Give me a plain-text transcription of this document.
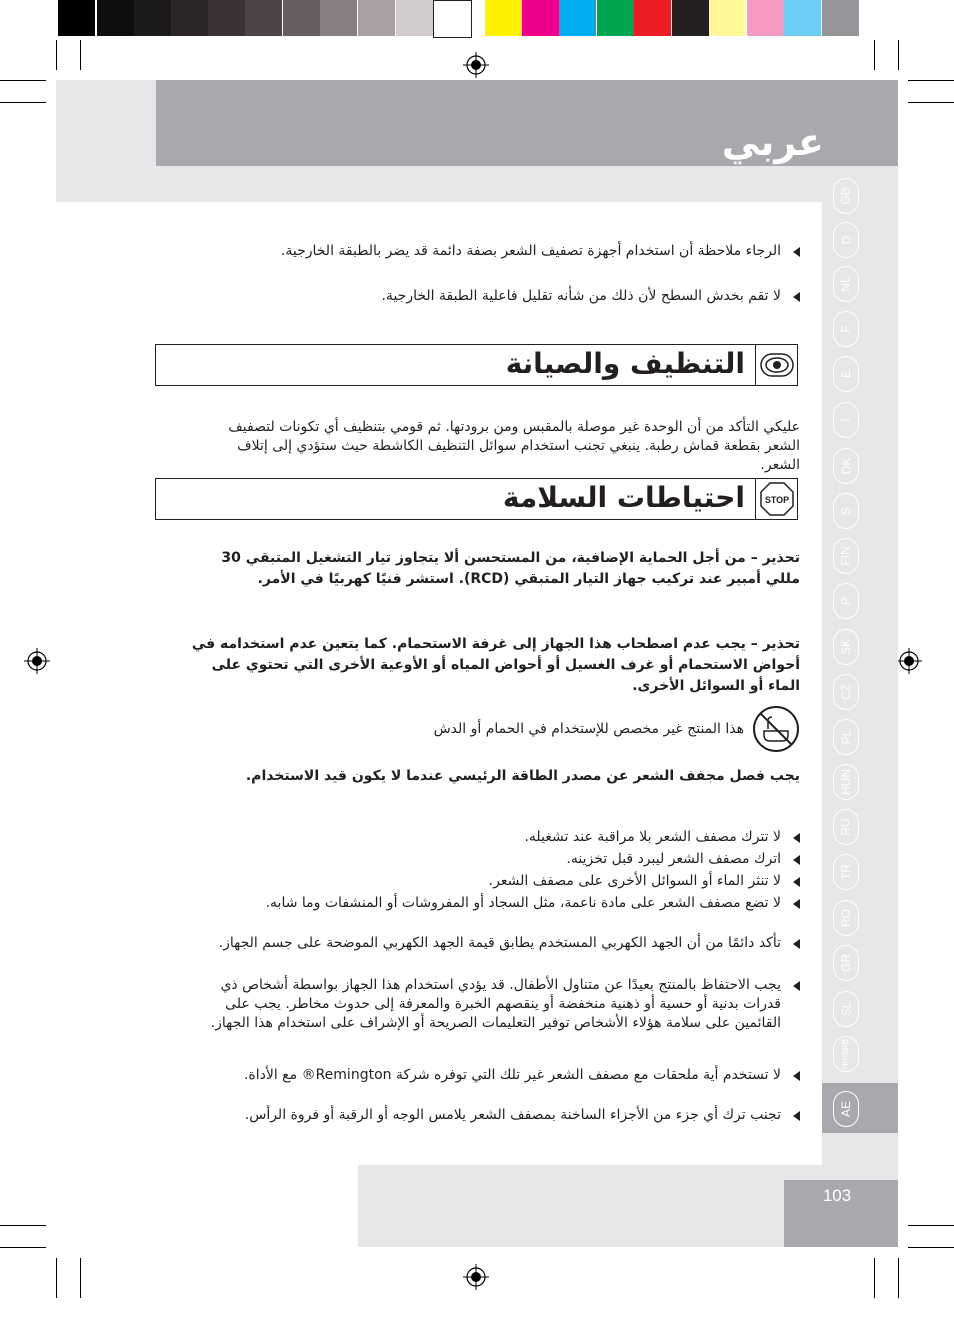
عربي
GB
D
NL
F
E
I
DK
S
FIN
P
SK
CZ
PL
HUN
RU
TR
RO
GR
SL
HR/SRB
AE
103
الرجاء ملاحظة أن استخدام أجهزة تصفيف الشعر بصفة دائمة قد يضر بالطبقة الخارجية.
لا تقم بخدش السطح لأن ذلك من شأنه تقليل فاعلية الطبقة الخارجية.
التنظيف والصيانة
عليكي التأكد من أن الوحدة غير موصلة بالمقبس ومن برودتها. ثم قومي بتنظيف أي تكونات لتصفيف الشعر بقطعة قماش رطبة. ينبغي تجنب استخدام سوائل التنظيف الكاشطة حيث ستؤدي إلى إتلاف الشعر.
STOP
احتياطات السلامة
تحذير – من أجل الحماية الإضافية، من المستحسن ألا يتجاوز تيار التشغيل المتبقي 30 مللي أمبير عند تركيب جهاز التيار المتبقي (RCD). استشر فنيًا كهربيًا في الأمر.
تحذير – يجب عدم اصطحاب هذا الجهاز إلى غرفة الاستحمام. كما يتعين عدم استخدامه في أحواض الاستحمام أو غرف الغسيل أو أحواض المياه أو الأوعية الأخرى التي تحتوي على الماء أو السوائل الأخرى.
هذا المنتج غير مخصص للإستخدام في الحمام أو الدش
يجب فصل مجفف الشعر عن مصدر الطاقة الرئيسي عندما لا يكون قيد الاستخدام.
لا تترك مصفف الشعر بلا مراقبة عند تشغيله.
اترك مصفف الشعر ليبرد قبل تخزينه.
لا تنثر الماء أو السوائل الأخرى على مصفف الشعر.
لا تضع مصفف الشعر على مادة ناعمة، مثل السجاد أو المفروشات أو المنشفات وما شابه.
تأكد دائمًا من أن الجهد الكهربي المستخدم يطابق قيمة الجهد الكهربي الموضحة على جسم الجهاز.
يجب الاحتفاظ بالمنتج بعيدًا عن متناول الأطفال. قد يؤدي استخدام هذا الجهاز بواسطة أشخاص ذي قدرات بدنية أو حسية أو ذهنية منخفضة أو ينقصهم الخبرة والمعرفة إلى حدوث مخاطر. يجب على القائمين على سلامة هؤلاء الأشخاص توفير التعليمات الصريحة أو الإشراف على استخدام هذا الجهاز.
لا تستخدم أية ملحقات مع مصفف الشعر غير تلك التي توفره شركة Remington® مع الأداة.
تجنب ترك أي جزء من الأجزاء الساخنة بمصفف الشعر يلامس الوجه أو الرقبة أو فروة الرأس.
